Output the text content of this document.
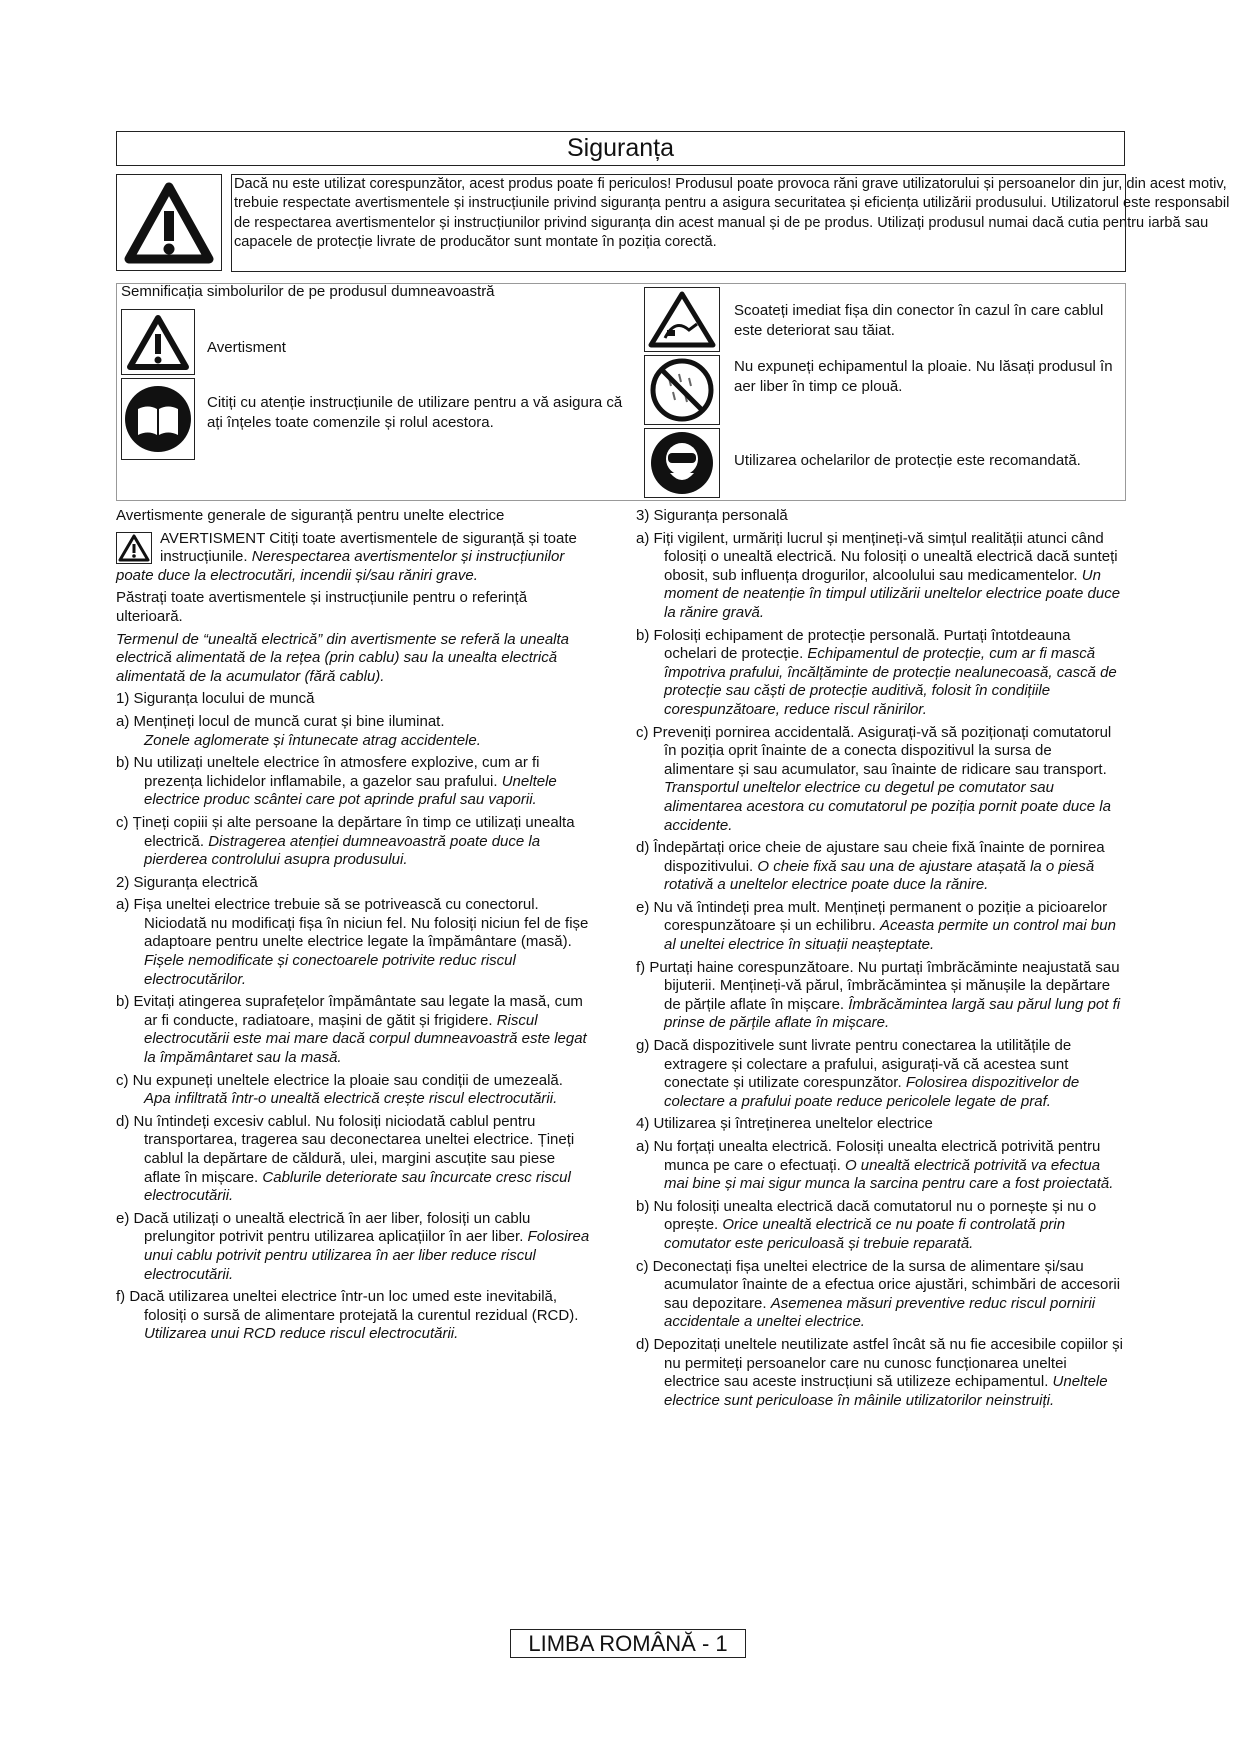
Siguranța
Dacă nu este utilizat corespunzător, acest produs poate fi periculos! Produsul poate provoca răni grave utilizatorului și persoanelor din jur, din acest motiv, trebuie respectate avertismentele și instrucțiunile privind siguranța pentru a asigura securitatea și eficiența utilizării produsului. Utilizatorul este responsabil de respectarea avertismentelor și instrucțiunilor privind siguranța din acest manual și de pe produs. Utilizați produsul numai dacă cutia pentru iarbă sau capacele de protecție livrate de producător sunt montate în poziția corectă.
Semnificația simbolurilor de pe produsul dumneavoastră
Avertisment
Citiți cu atenție instrucțiunile de utilizare pentru a vă asigura că ați înțeles toate comenzile și rolul acestora.
Scoateți imediat fișa din conector în cazul în care cablul este deteriorat sau tăiat.
Nu expuneți echipamentul la ploaie. Nu lăsați produsul în aer liber în timp ce plouă.
Utilizarea ochelarilor de protecție este recomandată.

Avertismente generale de siguranță pentru unelte electrice

AVERTISMENT Citiți toate avertismentele de siguranță și toate instrucțiunile. Nerespectarea avertismentelor și instrucțiunilor poate duce la electrocutări, incendii și/sau răniri grave.

Păstrați toate avertismentele și instrucțiunile pentru o referință ulterioară.

Termenul de “unealtă electrică” din avertismente se referă la unealta electrică alimentată de la rețea (prin cablu) sau la unealta electrică alimentată de la acumulator (fără cablu).

1) Siguranța locului de muncă

a) Mențineți locul de muncă curat și bine iluminat.
Zonele aglomerate și întunecate atrag accidentele.

b) Nu utilizați uneltele electrice în atmosfere explozive, cum ar fi prezența lichidelor inflamabile, a gazelor sau prafului. Uneltele electrice produc scântei care pot aprinde praful sau vaporii.

c) Țineți copiii și alte persoane la depărtare în timp ce utilizați unealta electrică. Distragerea atenției dumneavoastră poate duce la pierderea controlului asupra produsului.

2) Siguranța electrică

a) Fișa uneltei electrice trebuie să se potrivească cu conectorul. Niciodată nu modificați fișa în niciun fel. Nu folosiți niciun fel de fișe adaptoare pentru unelte electrice legate la împământare (masă). Fișele nemodificate și conectoarele potrivite reduc riscul electrocutărilor.

b) Evitați atingerea suprafețelor împământate sau legate la masă, cum ar fi conducte, radiatoare, mașini de gătit și frigidere. Riscul electrocutării este mai mare dacă corpul dumneavoastră este legat la împământaret sau la masă.

c) Nu expuneți uneltele electrice la ploaie sau condiții de umezeală. Apa infiltrată într-o unealtă electrică crește riscul electrocutării.

d) Nu întindeți excesiv cablul. Nu folosiți niciodată cablul pentru transportarea, tragerea sau deconectarea uneltei electrice. Țineți cablul la depărtare de căldură, ulei, margini ascuțite sau piese aflate în mișcare. Cablurile deteriorate sau încurcate cresc riscul electrocutării.

e) Dacă utilizați o unealtă electrică în aer liber, folosiți un cablu prelungitor potrivit pentru utilizarea aplicațiilor în aer liber. Folosirea unui cablu potrivit pentru utilizarea în aer liber reduce riscul electrocutării.

f) Dacă utilizarea uneltei electrice într-un loc umed este inevitabilă, folosiți o sursă de alimentare protejată la curentul rezidual (RCD). Utilizarea unui RCD reduce riscul electrocutării.

3) Siguranța personală

a) Fiți vigilent, urmăriți lucrul și mențineți-vă simțul realității atunci când folosiți o unealtă electrică. Nu folosiți o unealtă electrică dacă sunteți obosit, sub influența drogurilor, alcoolului sau medicamentelor. Un moment de neatenție în timpul utilizării uneltelor electrice poate duce la rănire gravă.

b) Folosiți echipament de protecție personală. Purtați întotdeauna ochelari de protecție. Echipamentul de protecție, cum ar fi mască împotriva prafului, încălțăminte de protecție nealunecoasă, cască de protecție sau căști de protecție auditivă, folosit în condițiile corespunzătoare, reduce riscul rănirilor.

c) Preveniți pornirea accidentală. Asigurați-vă să poziționați comutatorul în poziția oprit înainte de a conecta dispozitivul la sursa de alimentare și sau acumulator, sau înainte de ridicare sau transport. Transportul uneltelor electrice cu degetul pe comutator sau alimentarea acestora cu comutatorul pe poziția pornit poate duce la accidente.

d) Îndepărtați orice cheie de ajustare sau cheie fixă înainte de pornirea dispozitivului. O cheie fixă sau una de ajustare atașată la o piesă rotativă a uneltelor electrice poate duce la rănire.

e) Nu vă întindeți prea mult. Mențineți permanent o poziție a picioarelor corespunzătoare și un echilibru. Aceasta permite un control mai bun al uneltei electrice în situații neașteptate.

f) Purtați haine corespunzătoare. Nu purtați îmbrăcăminte neajustată sau bijuterii. Mențineți-vă părul, îmbrăcămintea și mănușile la depărtare de părțile aflate în mișcare. Îmbrăcămintea largă sau părul lung pot fi prinse de părțile aflate în mișcare.

g) Dacă dispozitivele sunt livrate pentru conectarea la utilitățile de extragere și colectare a prafului, asigurați-vă că acestea sunt conectate și utilizate corespunzător. Folosirea dispozitivelor de colectare a prafului poate reduce pericolele legate de praf.

4) Utilizarea și întreținerea uneltelor electrice

a) Nu forțați unealta electrică. Folosiți unealta electrică potrivită pentru munca pe care o efectuați. O unealtă electrică potrivită va efectua mai bine și mai sigur munca la sarcina pentru care a fost proiectată.

b) Nu folosiți unealta electrică dacă comutatorul nu o pornește și nu o oprește. Orice unealtă electrică ce nu poate fi controlată prin comutator este periculoasă și trebuie reparată.

c) Deconectați fișa uneltei electrice de la sursa de alimentare și/sau acumulator înainte de a efectua orice ajustări, schimbări de accesorii sau depozitare. Asemenea măsuri preventive reduc riscul pornirii accidentale a uneltei electrice.

d) Depozitați uneltele neutilizate astfel încât să nu fie accesibile copiilor și nu permiteți persoanelor care nu cunosc funcționarea uneltei electrice sau aceste instrucțiuni să utilizeze echipamentul. Uneltele electrice sunt periculoase în mâinile utilizatorilor neinstruiți.

LIMBA ROMÂNĂ - 1
